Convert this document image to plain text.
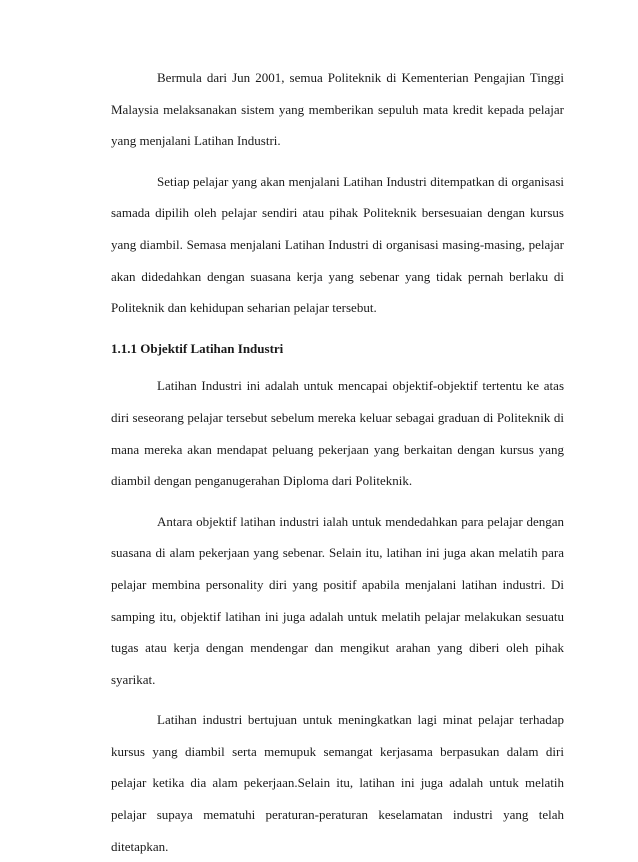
Bermula dari Jun 2001, semua Politeknik di Kementerian Pengajian Tinggi Malaysia melaksanakan sistem yang memberikan sepuluh mata kredit kepada pelajar yang menjalani Latihan Industri.

Setiap pelajar yang akan menjalani Latihan Industri ditempatkan di organisasi samada dipilih oleh pelajar sendiri atau pihak Politeknik bersesuaian dengan kursus yang diambil. Semasa menjalani Latihan Industri di organisasi masing-masing, pelajar akan didedahkan dengan suasana kerja yang sebenar yang tidak pernah berlaku di Politeknik dan kehidupan seharian pelajar tersebut.

1.1.1 Objektif Latihan Industri

Latihan Industri ini adalah untuk mencapai objektif-objektif tertentu ke atas diri seseorang pelajar tersebut sebelum mereka keluar sebagai graduan di Politeknik di mana mereka akan mendapat peluang pekerjaan yang berkaitan dengan kursus yang diambil dengan penganugerahan Diploma dari Politeknik.

Antara objektif latihan industri ialah untuk mendedahkan para pelajar dengan suasana di alam pekerjaan yang sebenar. Selain itu, latihan ini juga akan melatih para pelajar membina personality diri yang positif apabila menjalani latihan industri. Di samping itu, objektif latihan ini juga adalah untuk melatih pelajar melakukan sesuatu tugas atau kerja dengan mendengar dan mengikut arahan yang diberi oleh pihak syarikat.

Latihan industri bertujuan untuk meningkatkan lagi minat pelajar terhadap kursus yang diambil serta memupuk semangat kerjasama berpasukan dalam diri pelajar ketika dia alam pekerjaan.Selain itu, latihan ini juga adalah untuk melatih pelajar supaya mematuhi peraturan-peraturan keselamatan industri yang telah ditetapkan.
